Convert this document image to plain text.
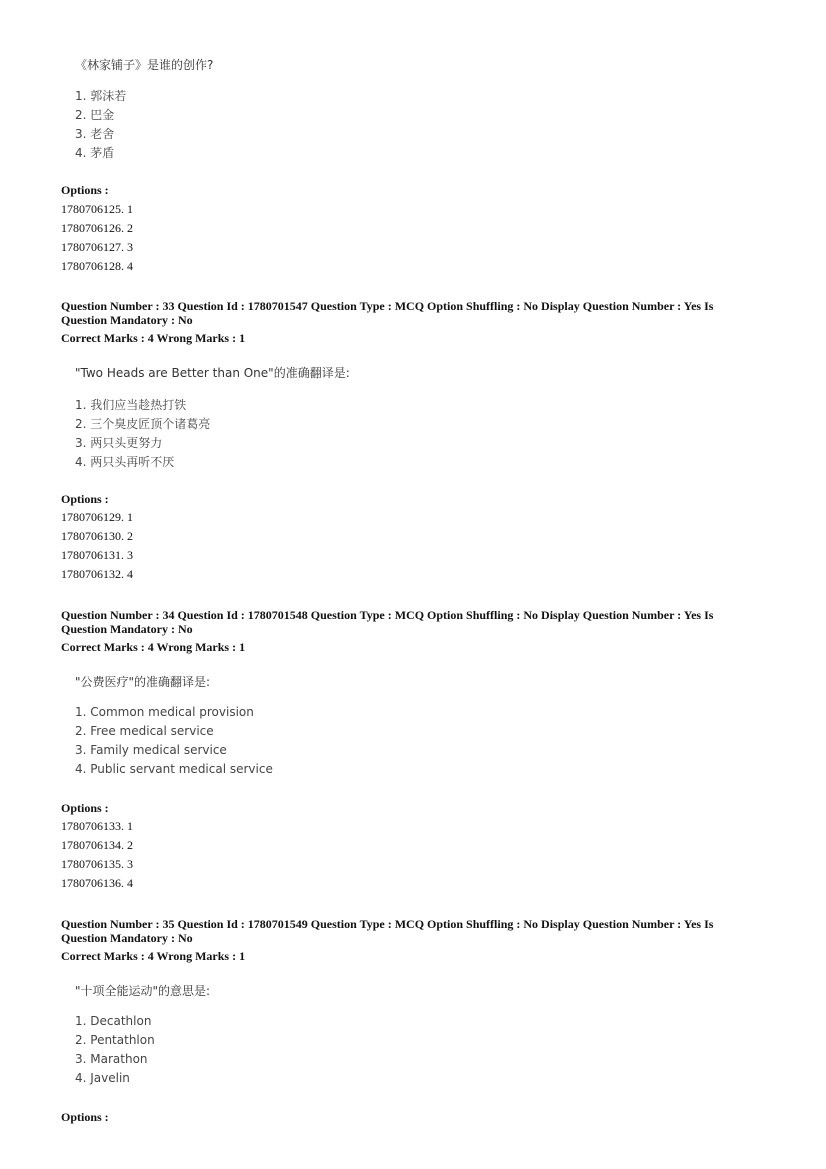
《林家铺子》是谁的创作?
1. 郭沫若
2. 巴金
3. 老舍
4. 茅盾
Options :
1780706125. 1
1780706126. 2
1780706127. 3
1780706128. 4
Question Number : 33 Question Id : 1780701547 Question Type : MCQ Option Shuffling : No Display Question Number : Yes Is
Question Mandatory : No
Correct Marks : 4 Wrong Marks : 1
"Two Heads are Better than One"的准确翻译是:
1. 我们应当趁热打铁
2. 三个臭皮匠顶个诸葛亮
3. 两只头更努力
4. 两只头再听不厌
Options :
1780706129. 1
1780706130. 2
1780706131. 3
1780706132. 4
Question Number : 34 Question Id : 1780701548 Question Type : MCQ Option Shuffling : No Display Question Number : Yes Is
Question Mandatory : No
Correct Marks : 4 Wrong Marks : 1
"公费医疗"的准确翻译是:
1. Common medical provision
2. Free medical service
3. Family medical service
4. Public servant medical service
Options :
1780706133. 1
1780706134. 2
1780706135. 3
1780706136. 4
Question Number : 35 Question Id : 1780701549 Question Type : MCQ Option Shuffling : No Display Question Number : Yes Is
Question Mandatory : No
Correct Marks : 4 Wrong Marks : 1
"十项全能运动"的意思是:
1. Decathlon
2. Pentathlon
3. Marathon
4. Javelin
Options :
